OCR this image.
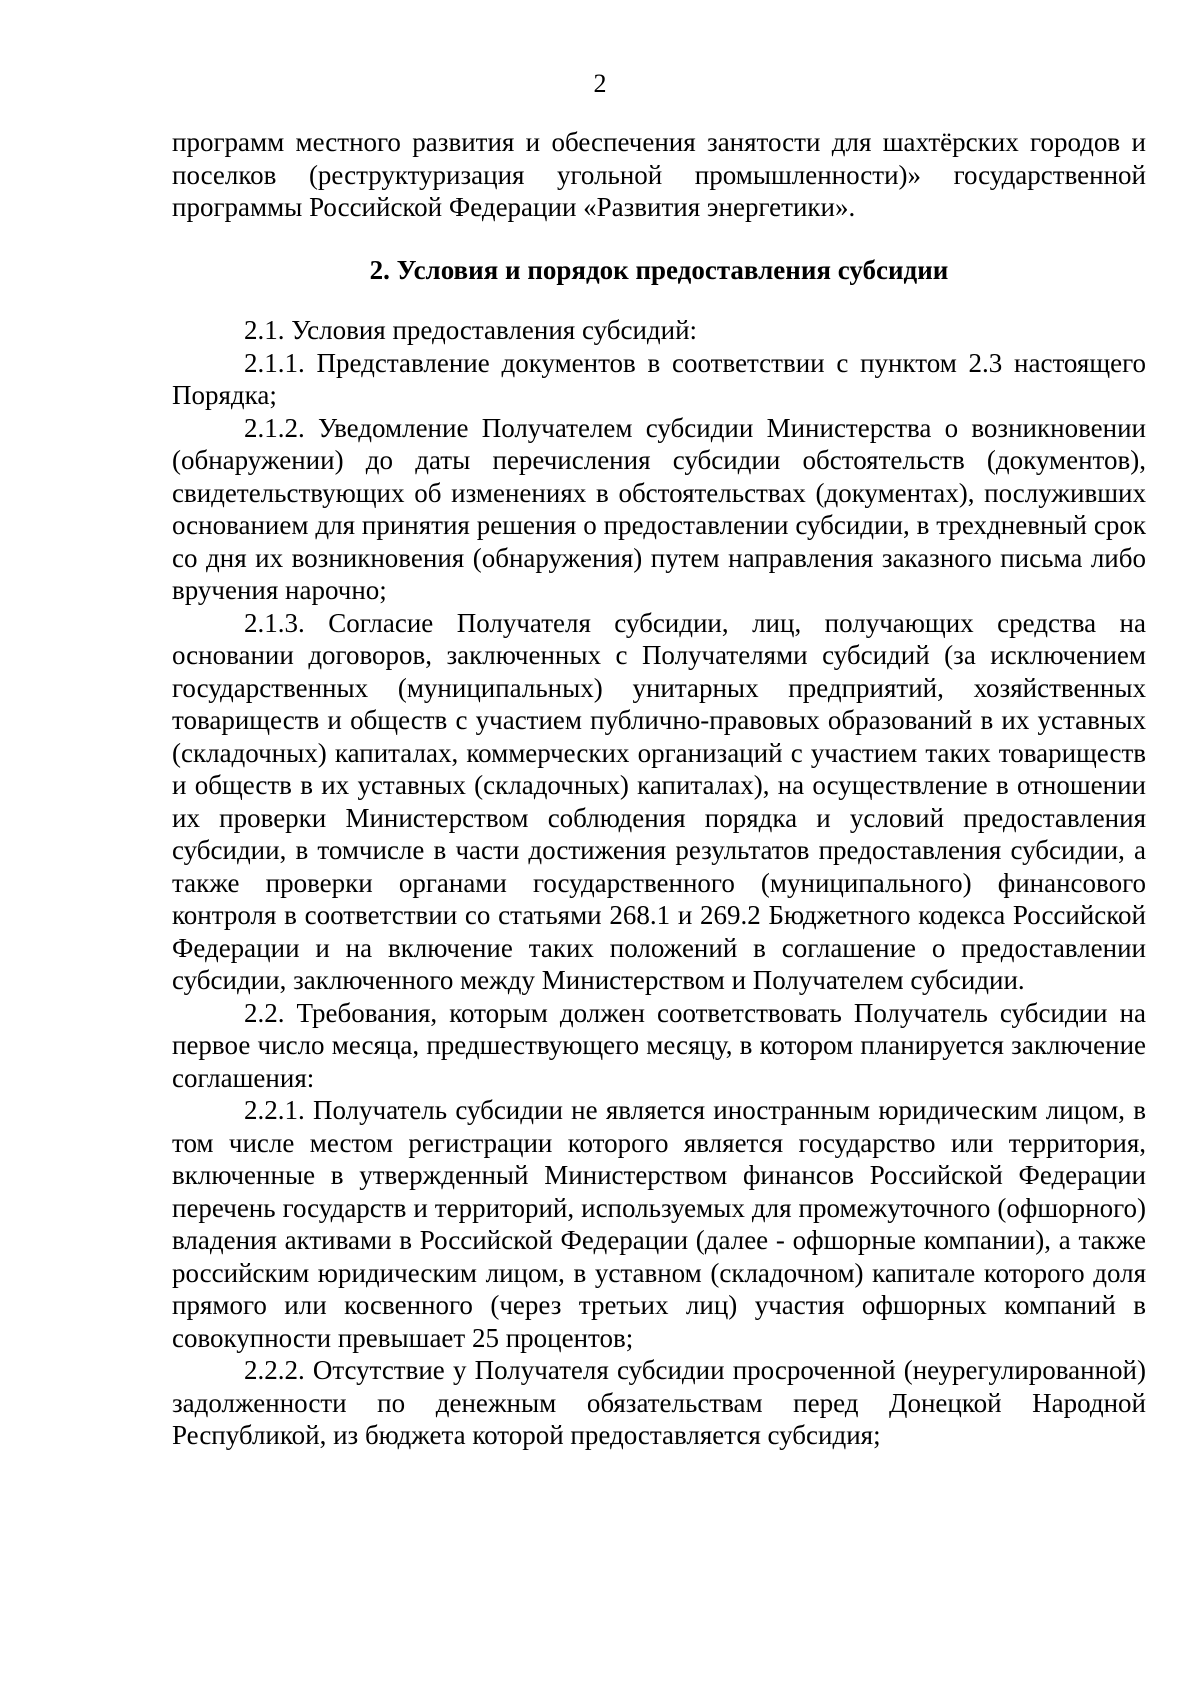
2

программ местного развития и обеспечения занятости для шахтёрских городов и поселков (реструктуризация угольной промышленности)» государственной программы Российской Федерации «Развития энергетики».

2. Условия и порядок предоставления субсидии

2.1. Условия предоставления субсидий:

2.1.1. Представление документов в соответствии с пунктом 2.3 настоящего Порядка;

2.1.2. Уведомление Получателем субсидии Министерства о возникновении (обнаружении) до даты перечисления субсидии обстоятельств (документов), свидетельствующих об изменениях в обстоятельствах (документах), послуживших основанием для принятия решения о предоставлении субсидии, в трехдневный срок со дня их возникновения (обнаружения) путем направления заказного письма либо вручения нарочно;

2.1.3. Согласие Получателя субсидии, лиц, получающих средства на основании договоров, заключенных с Получателями субсидий (за исключением государственных (муниципальных) унитарных предприятий, хозяйственных товариществ и обществ с участием публично-правовых образований в их уставных (складочных) капиталах, коммерческих организаций с участием таких товариществ и обществ в их уставных (складочных) капиталах), на осуществление в отношении их проверки Министерством соблюдения порядка и условий предоставления субсидии, в томчисле в части достижения результатов предоставления субсидии, а также проверки органами государственного (муниципального) финансового контроля в соответствии со статьями 268.1 и 269.2 Бюджетного кодекса Российской Федерации и на включение таких положений в соглашение о предоставлении субсидии, заключенного между Министерством и Получателем субсидии.

2.2. Требования, которым должен соответствовать Получатель субсидии на первое число месяца, предшествующего месяцу, в котором планируется заключение соглашения:

2.2.1. Получатель субсидии не является иностранным юридическим лицом, в том числе местом регистрации которого является государство или территория, включенные в утвержденный Министерством финансов Российской Федерации перечень государств и территорий, используемых для промежуточного (офшорного) владения активами в Российской Федерации (далее - офшорные компании), а также российским юридическим лицом, в уставном (складочном) капитале которого доля прямого или косвенного (через третьих лиц) участия офшорных компаний в совокупности превышает 25 процентов;

2.2.2. Отсутствие у Получателя субсидии просроченной (неурегулированной) задолженности по денежным обязательствам перед Донецкой Народной Республикой, из бюджета которой предоставляется субсидия;
